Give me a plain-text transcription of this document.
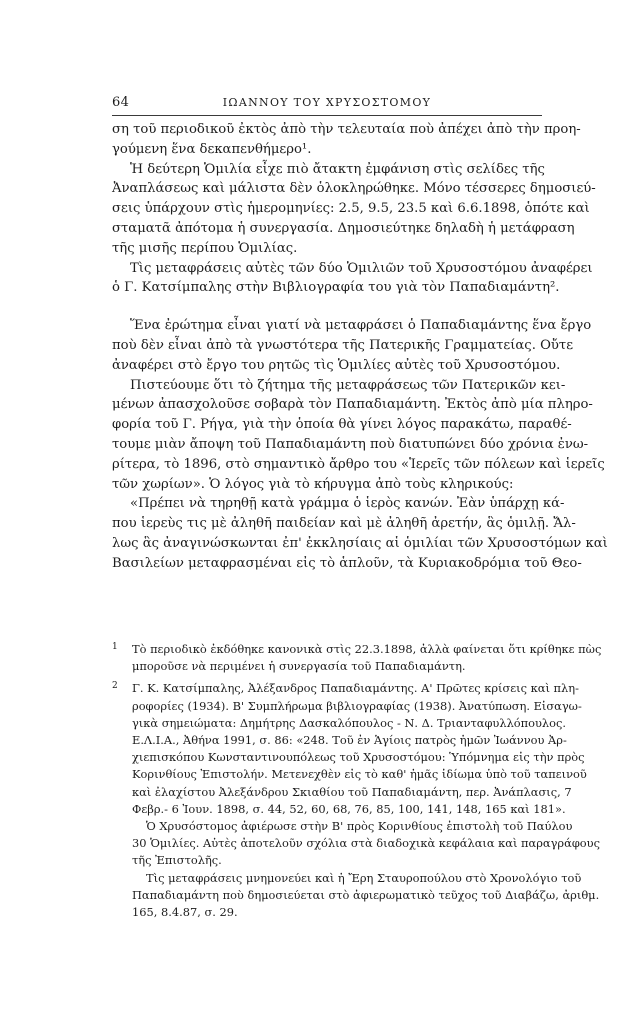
64	ΙΩΑΝΝΟΥ ΤΟΥ ΧΡΥΣΟΣΤΟΜΟΥ

ση τοῦ περιοδικοῦ ἐκτὸς ἀπὸ τὴν τελευταία ποὺ ἀπέχει ἀπὸ τὴν προη-
γούμενη ἕνα δεκαπενθήμερο¹.

Ἡ δεύτερη Ὁμιλία εἶχε πιὸ ἄτακτη ἐμφάνιση στὶς σελίδες τῆς
Ἀναπλάσεως καὶ μάλιστα δὲν ὁλοκληρώθηκε. Μόνο τέσσερες δημοσιεύ-
σεις ὑπάρχουν στὶς ἡμερομηνίες: 2.5, 9.5, 23.5 καὶ 6.6.1898, ὁπότε καὶ
σταματᾶ ἀπότομα ἡ συνεργασία. Δημοσιεύτηκε δηλαδὴ ἡ μετάφραση
τῆς μισῆς περίπου Ὁμιλίας.

Τὶς μεταφράσεις αὐτὲς τῶν δύο Ὁμιλιῶν τοῦ Χρυσοστόμου ἀναφέρει
ὁ Γ. Κατσίμπαλης στὴν Βιβλιογραφία του γιὰ τὸν Παπαδιαμάντη².

Ἕνα ἐρώτημα εἶναι γιατί νὰ μεταφράσει ὁ Παπαδιαμάντης ἕνα ἔργο
ποὺ δὲν εἶναι ἀπὸ τὰ γνωστότερα τῆς Πατερικῆς Γραμματείας. Οὔτε
ἀναφέρει στὸ ἔργο του ρητῶς τὶς Ὁμιλίες αὐτὲς τοῦ Χρυσοστόμου.

Πιστεύουμε ὅτι τὸ ζήτημα τῆς μεταφράσεως τῶν Πατερικῶν κει-
μένων ἀπασχολοῦσε σοβαρὰ τὸν Παπαδιαμάντη. Ἐκτὸς ἀπὸ μία πληρο-
φορία τοῦ Γ. Ρήγα, γιὰ τὴν ὁποία θὰ γίνει λόγος παρακάτω, παραθέ-
τουμε μιὰν ἄποψη τοῦ Παπαδιαμάντη ποὺ διατυπώνει δύο χρόνια ἐνω-
ρίτερα, τὸ 1896, στὸ σημαντικὸ ἄρθρο του «Ἱερεῖς τῶν πόλεων καὶ ἱερεῖς
τῶν χωρίων». Ὁ λόγος γιὰ τὸ κήρυγμα ἀπὸ τοὺς κληρικούς:

«Πρέπει νὰ τηρηθῇ κατὰ γράμμα ὁ ἱερὸς κανών. Ἐὰν ὑπάρχῃ κά-
που ἱερεὺς τις μὲ ἀληθῆ παιδείαν καὶ μὲ ἀληθῆ ἀρετήν, ἃς ὁμιλῇ. Ἄλ-
λως ἃς ἀναγινώσκωνται ἐπ' ἐκκλησίαις αἱ ὁμιλίαι τῶν Χρυσοστόμων καὶ
Βασιλείων μεταφρασμέναι εἰς τὸ ἁπλοῦν, τὰ Κυριακοδρόμια τοῦ Θεο-

1 Τὸ περιοδικὸ ἐκδόθηκε κανονικὰ στὶς 22.3.1898, ἀλλὰ φαίνεται ὅτι κρίθηκε πὼς
μποροῦσε νὰ περιμένει ἡ συνεργασία τοῦ Παπαδιαμάντη.
2 Γ. Κ. Κατσίμπαλης, Ἀλέξανδρος Παπαδιαμάντης. Α' Πρῶτες κρίσεις καὶ πλη-
ροφορίες (1934). Β' Συμπλήρωμα βιβλιογραφίας (1938). Ἀνατύπωση. Εἰσαγω-
γικὰ σημειώματα: Δημήτρης Δασκαλόπουλος - Ν. Δ. Τριανταφυλλόπουλος.
Ε.Λ.Ι.Α., Ἀθήνα 1991, σ. 86: «248. Τοῦ ἐν Ἁγίοις πατρὸς ἡμῶν Ἰωάννου Ἀρ-
χιεπισκόπου Κωνσταντινουπόλεως τοῦ Χρυσοστόμου: Ὑπόμνημα εἰς τὴν πρὸς
Κορινθίους Ἐπιστολήν. Μετενεχθὲν εἰς τὸ καθ' ἡμᾶς ἰδίωμα ὑπὸ τοῦ ταπεινοῦ
καὶ ἐλαχίστου Ἀλεξάνδρου Σκιαθίου τοῦ Παπαδιαμάντη, περ. Ἀνάπλασις, 7
Φεβρ.- 6 Ἰουν. 1898, σ. 44, 52, 60, 68, 76, 85, 100, 141, 148, 165 καὶ 181».
Ὁ Χρυσόστομος ἀφιέρωσε στὴν Β' πρὸς Κορινθίους ἐπιστολὴ τοῦ Παύλου
30 Ὁμιλίες. Αὐτὲς ἀποτελοῦν σχόλια στὰ διαδοχικὰ κεφάλαια καὶ παραγράφους
τῆς Ἐπιστολῆς.
Τὶς μεταφράσεις μνημονεύει καὶ ἡ Ἔρη Σταυροπούλου στὸ Χρονολόγιο τοῦ
Παπαδιαμάντη ποὺ δημοσιεύεται στὸ ἀφιερωματικὸ τεῦχος τοῦ Διαβάζω, ἀριθμ.
165, 8.4.87, σ. 29.
